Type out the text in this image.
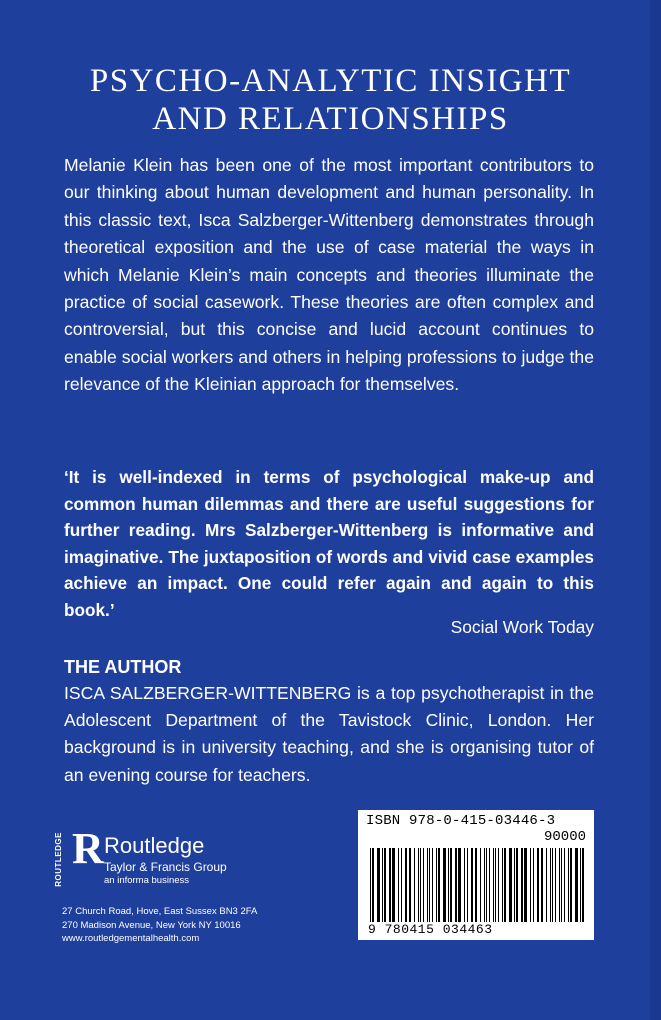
PSYCHO-ANALYTIC INSIGHT
AND RELATIONSHIPS
Melanie Klein has been one of the most important contributors to our thinking about human development and human personality. In this classic text, Isca Salzberger-Wittenberg demonstrates through theoretical exposition and the use of case material the ways in which Melanie Klein’s main concepts and theories illuminate the practice of social casework. These theories are often complex and controversial, but this concise and lucid account continues to enable social workers and others in helping professions to judge the relevance of the Kleinian approach for themselves.
‘It is well-indexed in terms of psychological make-up and common human dilemmas and there are useful suggestions for further reading. Mrs Salzberger-Wittenberg is informative and imaginative. The juxtaposition of words and vivid case examples achieve an impact. One could refer again and again to this book.’
Social Work Today
THE AUTHOR
ISCA SALZBERGER-WITTENBERG is a top psychotherapist in the Adolescent Department of the Tavistock Clinic, London. Her background is in university teaching, and she is organising tutor of an evening course for teachers.
ROUTLEDGE R Routledge
Taylor & Francis Group
an informa business
27 Church Road, Hove, East Sussex BN3 2FA
270 Madison Avenue, New York NY 10016
www.routledgementalhealth.com
ISBN 978-0-415-03446-3
90000
9 780415 034463
